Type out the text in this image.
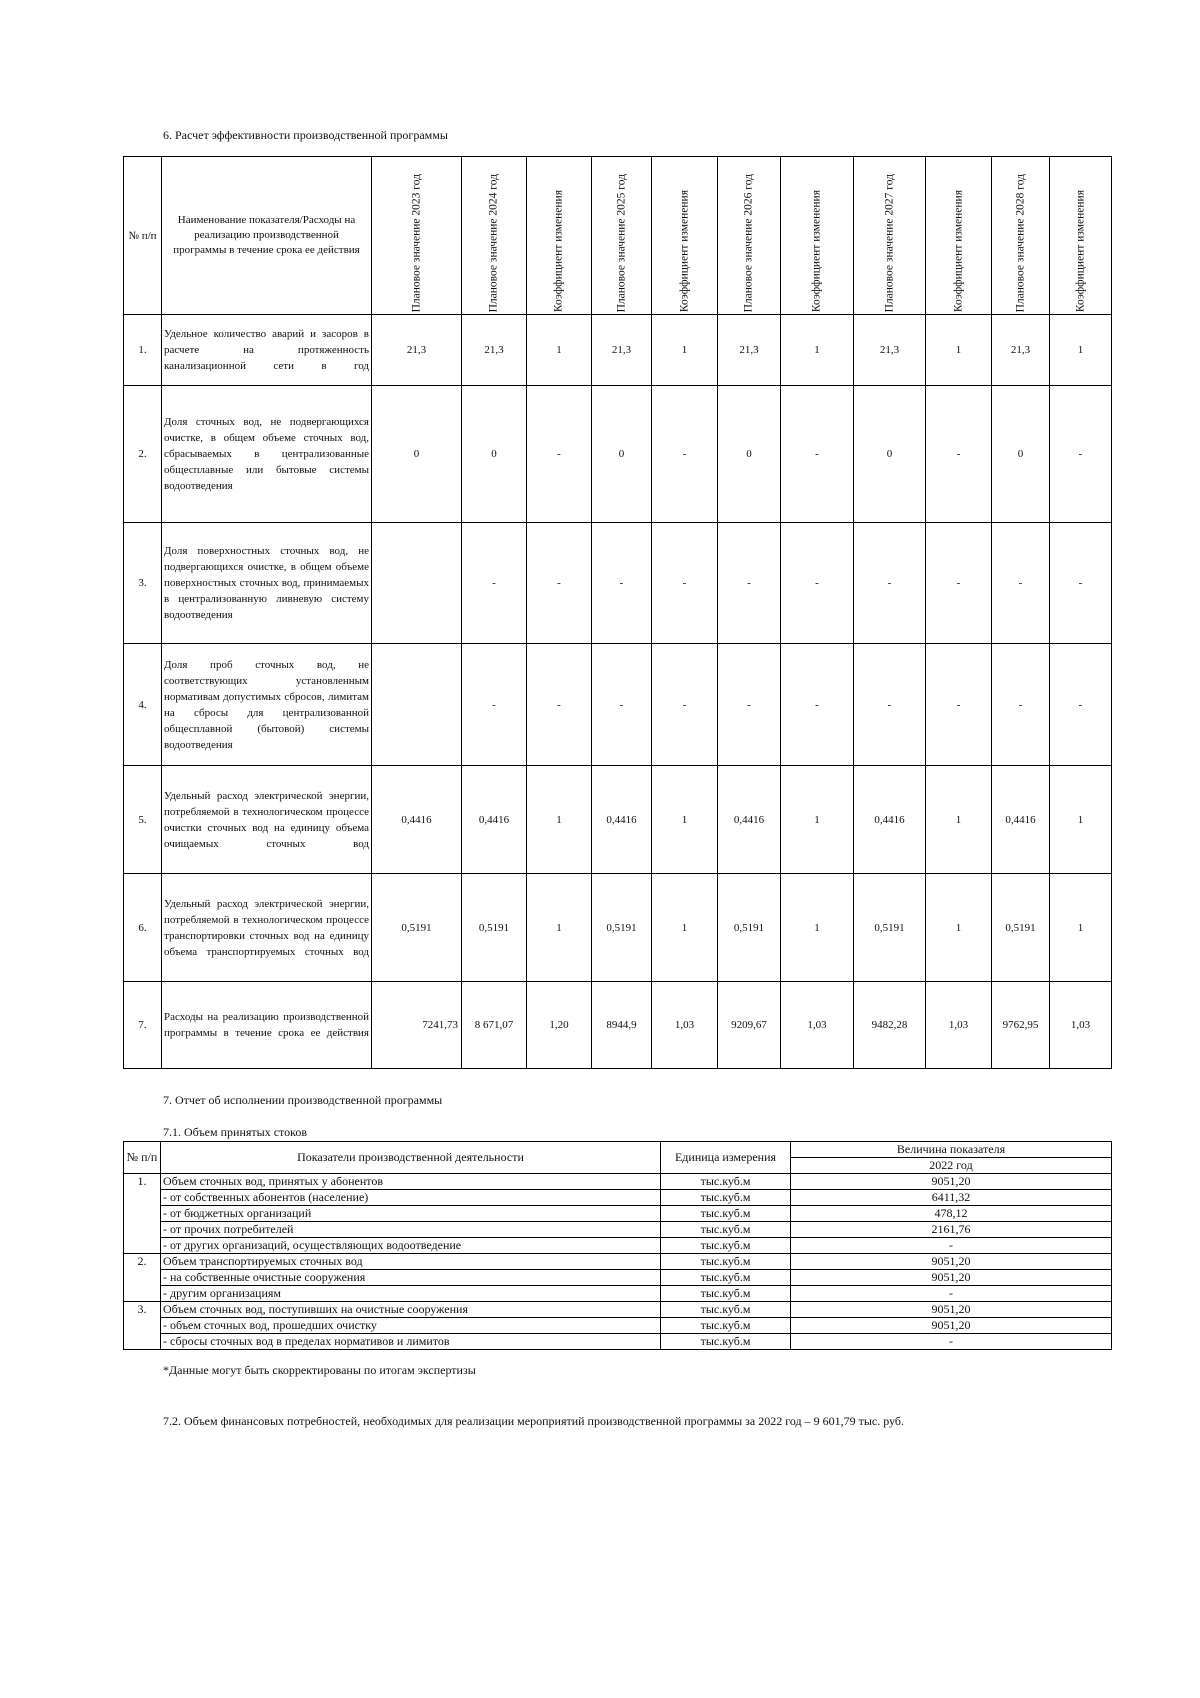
6. Расчет эффективности производственной программы
№ п/п	Наименование показателя/Расходы на реализацию производственной программы в течение срока ее действия	Плановое значение 2023 год	Плановое значение 2024 год	Коэффициент изменения	Плановое значение 2025 год	Коэффициент изменения	Плановое значение 2026 год	Коэффициент изменения	Плановое значение 2027 год	Коэффициент изменения	Плановое значение 2028 год	Коэффициент изменения

1.	Удельное количество аварий и засоров в расчете на протяженность канализационной сети в год	21,3	21,3	1	21,3	1	21,3	1	21,3	1	21,3	1
2.	Доля сточных вод, не подвергающихся очистке, в общем объеме сточных вод, сбрасываемых в централизованные общесплавные или бытовые системы водоотведения	0	0	-	0	-	0	-	0	-	0	-
3.	Доля поверхностных сточных вод, не подвергающихся очистке, в общем объеме поверхностных сточных вод, принимаемых в централизованную ливневую систему водоотведения		-	-	-	-	-	-	-	-	-	-
4.	Доля проб сточных вод, не соответствующих установленным нормативам допустимых сбросов, лимитам на сбросы для централизованной общесплавной (бытовой) системы водоотведения		-	-	-	-	-	-	-	-	-	-
5.	Удельный расход электрической энергии, потребляемой в технологическом процессе очистки сточных вод на единицу объема очищаемых сточных вод	0,4416	0,4416	1	0,4416	1	0,4416	1	0,4416	1	0,4416	1
6.	Удельный расход электрической энергии, потребляемой в технологическом процессе транспортировки сточных вод на единицу объема транспортируемых сточных вод	0,5191	0,5191	1	0,5191	1	0,5191	1	0,5191	1	0,5191	1
7.	Расходы на реализацию производственной программы в течение срока ее действия	7241,73	8 671,07	1,20	8944,9	1,03	9209,67	1,03	9482,28	1,03	9762,95	1,03
7. Отчет об исполнении производственной программы
7.1. Объем принятых стоков
№ п/п	Показатели производственной деятельности	Единица измерения	Величина показателя
			2022 год
1.	Объем сточных вод, принятых у абонентов	тыс.куб.м	9051,20
	- от собственных абонентов (население)	тыс.куб.м	6411,32
	- от бюджетных организаций	тыс.куб.м	478,12
	- от прочих потребителей	тыс.куб.м	2161,76
	- от других организаций, осуществляющих водоотведение	тыс.куб.м	-
2.	Объем транспортируемых сточных вод	тыс.куб.м	9051,20
	- на собственные очистные сооружения	тыс.куб.м	9051,20
	- другим организациям	тыс.куб.м	-
3.	Объем сточных вод, поступивших на очистные сооружения	тыс.куб.м	9051,20
	- объем сточных вод, прошедших очистку	тыс.куб.м	9051,20
	- сбросы сточных вод в пределах нормативов и лимитов	тыс.куб.м	-
*Данные могут быть скорректированы по итогам экспертизы
7.2. Объем финансовых потребностей, необходимых для реализации мероприятий производственной программы за 2022 год – 9 601,79 тыс. руб.
